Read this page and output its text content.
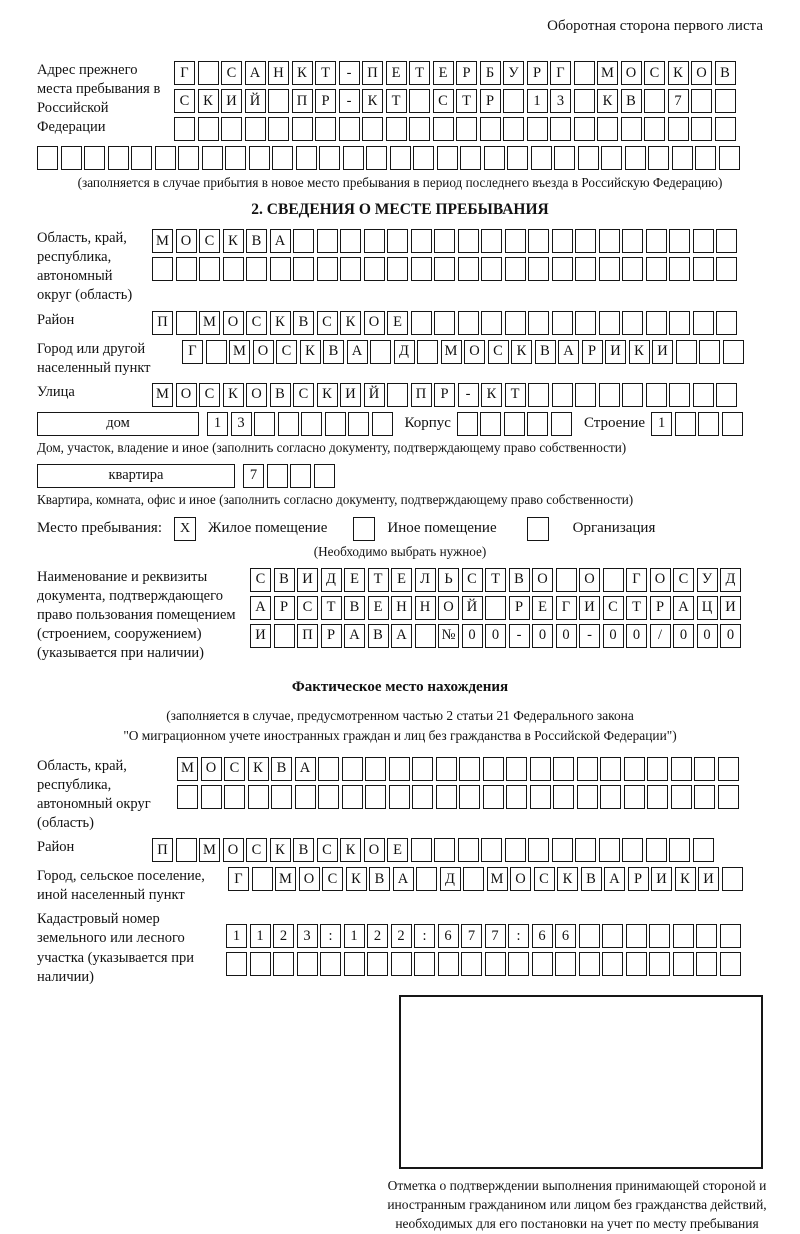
Оборотная сторона первого листа
Адрес прежнего места пребывания в Российской Федерации
Г	С А Н К Т	-	П Е	Т	Е	Р	Б У Р	Г	М О С К О В
С К И Й	П Р	-	К Т	С Т	Р	1	3	К В	7
(заполняется в случае прибытия в новое место пребывания в период последнего въезда в Российскую Федерацию)
2. СВЕДЕНИЯ О МЕСТЕ ПРЕБЫВАНИЯ
Область, край, республика, автономный округ (область)
М О С К В А
Район	П	М О С К В С К О Е
Город или другой населенный пункт
Г	М О С К В А	Д	М О С К В А Р И К И
Улица	М О С К О В С К И Й	П Р	-	К Т
дом	1	3	Корпус	Строение 1
Дом, участок, владение и иное (заполнить согласно документу, подтверждающему право собственности)
квартира	7
Квартира, комната, офис и иное (заполнить согласно документу, подтверждающему право собственности)
Место пребывания:	X	Жилое помещение	Иное помещение	Организация
(Необходимо выбрать нужное)
Наименование и реквизиты документа, подтверждающего право пользования помещением (строением, сооружением) (указывается при наличии)
С В И Д Е	Т	Е Л Ь	С Т В О	О	Г О С У Д
А Р	С Т В Е Н Н О Й	Р	Е	Г И С Т	Р А Ц И
И	П Р А В А	№ 0	0	-	0	0	-	0	0	/	0	0	0
Фактическое место нахождения
(заполняется в случае, предусмотренном частью 2 статьи 21 Федерального закона
"О миграционном учете иностранных граждан и лиц без гражданства в Российской Федерации")
Область, край, республика, автономный округ (область)
М О С К В А
Район	П	М О С К В С К О Е
Город, сельское поселение, иной населенный пункт
Г	М О С К В А	Д	М О С К В А Р И К И
Кадастровый номер земельного или лесного участка (указывается при наличии)
1	1	2	3	:	1	2	2	:	6	7	7	:	6	6
Отметка о подтверждении выполнения принимающей стороной и иностранным гражданином или лицом без гражданства действий, необходимых для его постановки на учет по месту пребывания
